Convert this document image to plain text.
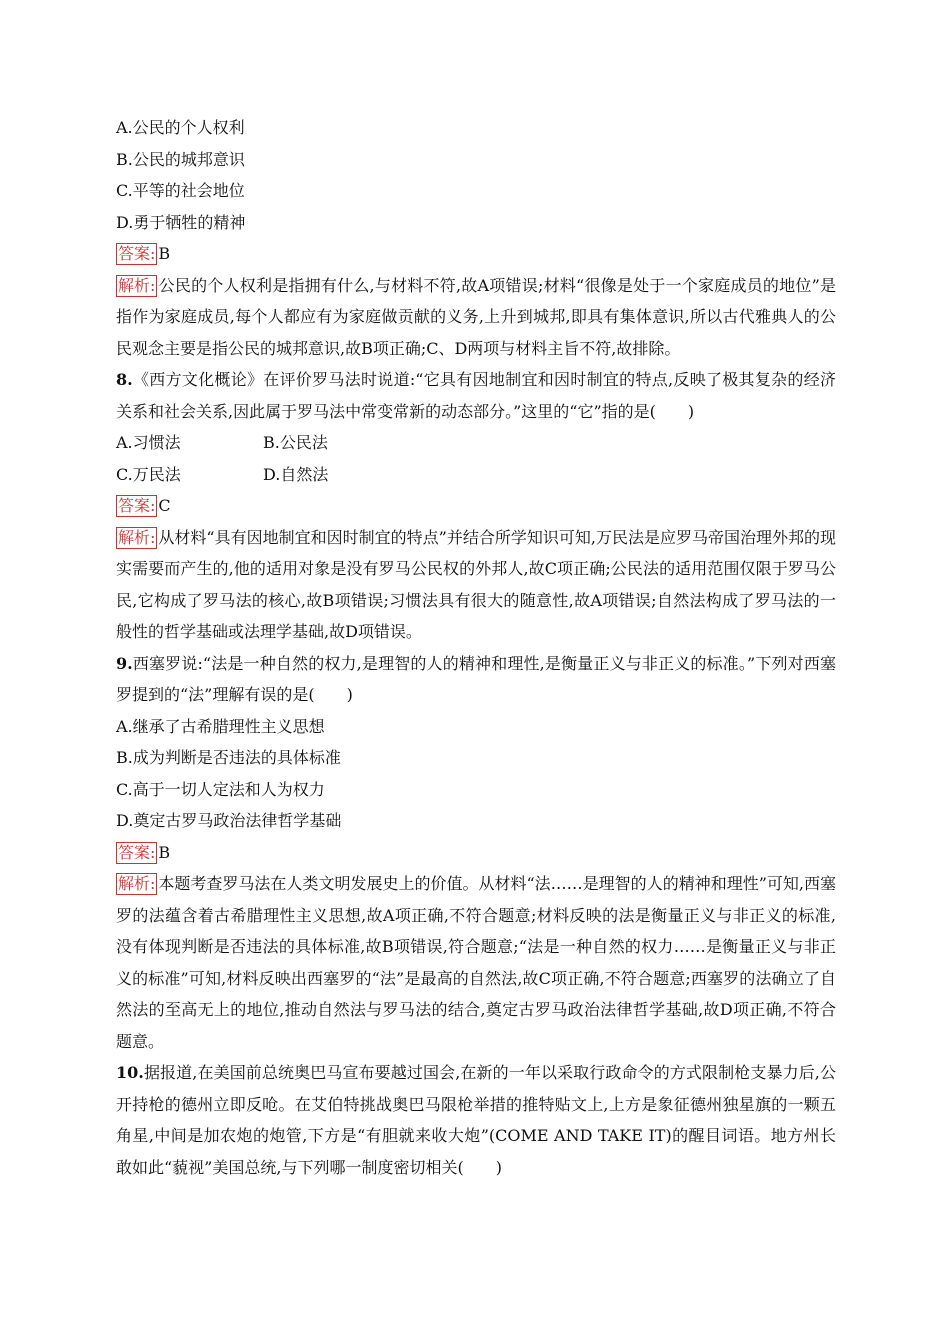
A.公民的个人权利
B.公民的城邦意识
C.平等的社会地位
D.勇于牺牲的精神
答案: B
解析: 公民的个人权利是指拥有什么,与材料不符,故A项错误;材料“很像是处于一个家庭成员的地位”是指作为家庭成员,每个人都应有为家庭做贡献的义务,上升到城邦,即具有集体意识,所以古代雅典人的公民观念主要是指公民的城邦意识,故B项正确;C、D两项与材料主旨不符,故排除。
8.《西方文化概论》在评价罗马法时说道:“它具有因地制宜和因时制宜的特点,反映了极其复杂的经济关系和社会关系,因此属于罗马法中常变常新的动态部分。”这里的“它”指的是(　　)
A.习惯法	B.公民法
C.万民法	D.自然法
答案: C
解析: 从材料“具有因地制宜和因时制宜的特点”并结合所学知识可知,万民法是应罗马帝国治理外邦的现实需要而产生的,他的适用对象是没有罗马公民权的外邦人,故C项正确;公民法的适用范围仅限于罗马公民,它构成了罗马法的核心,故B项错误;习惯法具有很大的随意性,故A项错误;自然法构成了罗马法的一般性的哲学基础或法理学基础,故D项错误。
9.西塞罗说:“法是一种自然的权力,是理智的人的精神和理性,是衡量正义与非正义的标准。”下列对西塞罗提到的“法”理解有误的是(　　)
A.继承了古希腊理性主义思想
B.成为判断是否违法的具体标准
C.高于一切人定法和人为权力
D.奠定古罗马政治法律哲学基础
答案: B
解析: 本题考查罗马法在人类文明发展史上的价值。从材料“法……是理智的人的精神和理性”可知,西塞罗的法蕴含着古希腊理性主义思想,故A项正确,不符合题意;材料反映的法是衡量正义与非正义的标准,没有体现判断是否违法的具体标准,故B项错误,符合题意;“法是一种自然的权力……是衡量正义与非正义的标准”可知,材料反映出西塞罗的“法”是最高的自然法,故C项正确,不符合题意;西塞罗的法确立了自然法的至高无上的地位,推动自然法与罗马法的结合,奠定古罗马政治法律哲学基础,故D项正确,不符合题意。
10.据报道,在美国前总统奥巴马宣布要越过国会,在新的一年以采取行政命令的方式限制枪支暴力后,公开持枪的德州立即反呛。在艾伯特挑战奥巴马限枪举措的推特贴文上,上方是象征德州独星旗的一颗五角星,中间是加农炮的炮管,下方是“有胆就来收大炮”(COME AND TAKE IT)的醒目词语。地方州长敢如此“藐视”美国总统,与下列哪一制度密切相关(　　)
